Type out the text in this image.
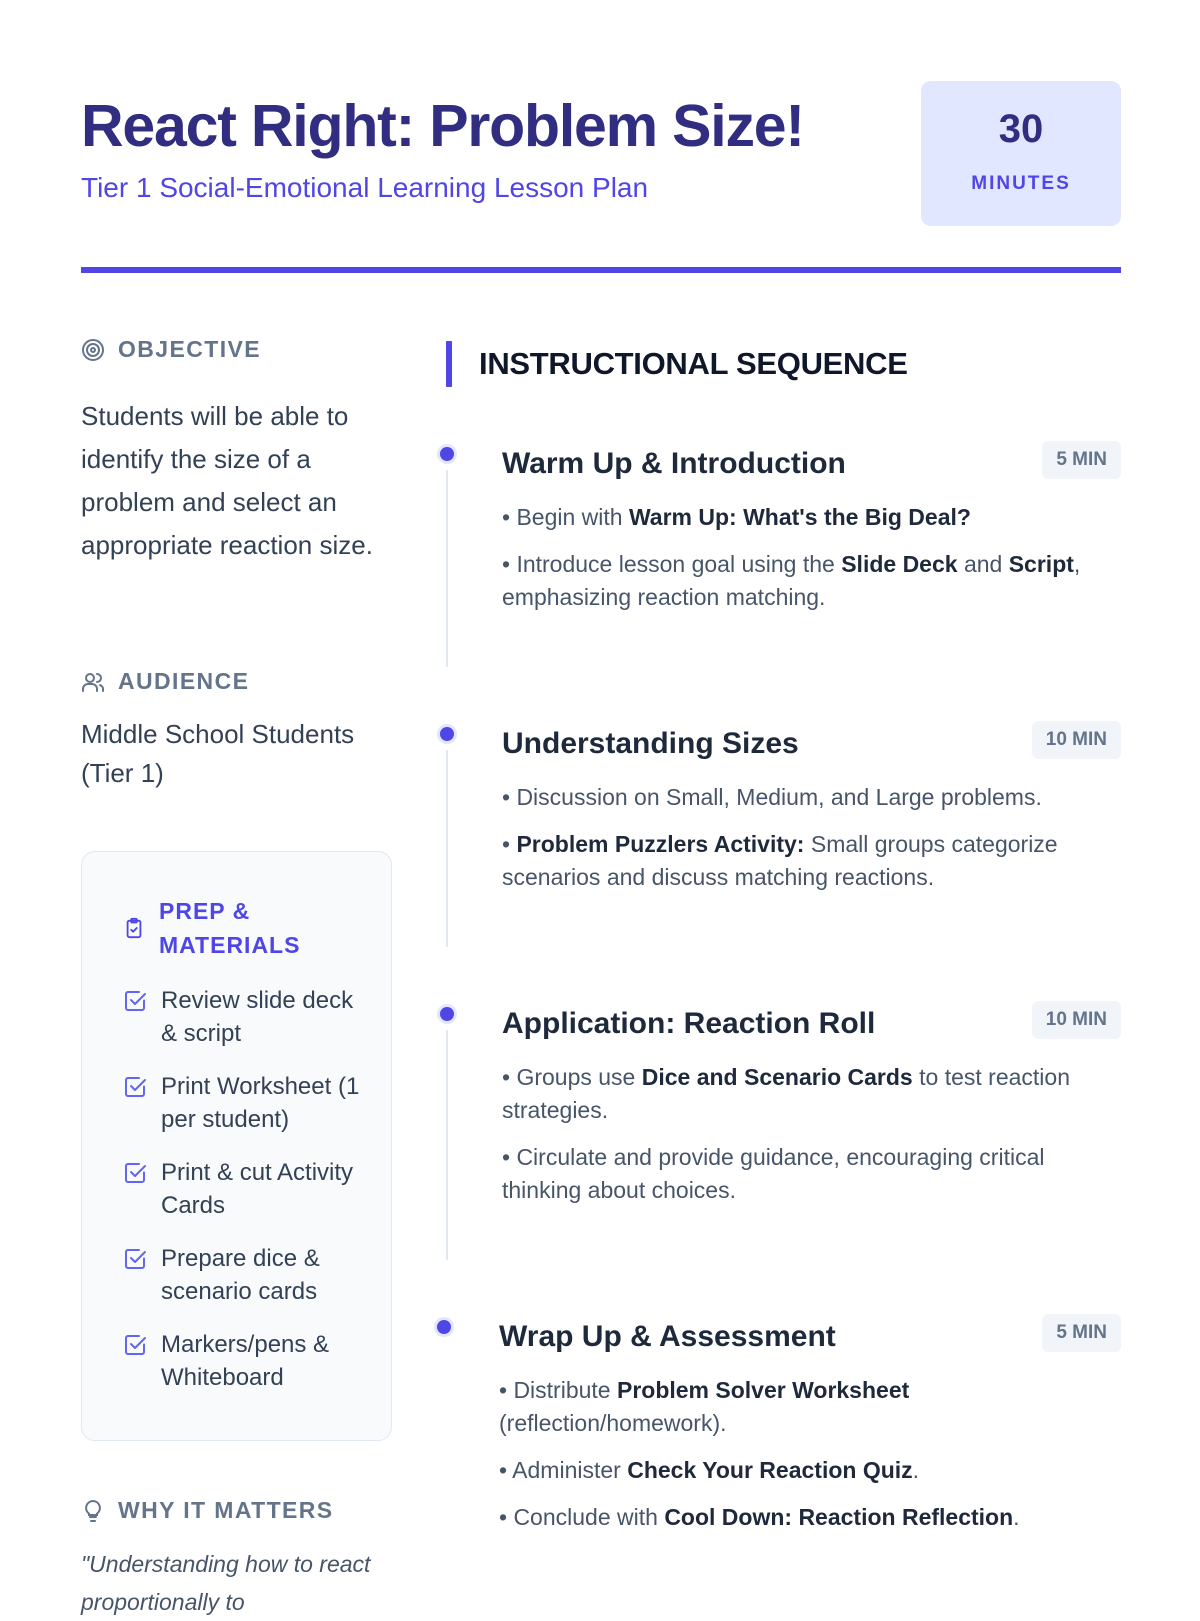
React Right: Problem Size!
Tier 1 Social-Emotional Learning Lesson Plan
30
MINUTES
OBJECTIVE
Students will be able to identify the size of a problem and select an appropriate reaction size.
AUDIENCE
Middle School Students (Tier 1)
PREP & MATERIALS
Review slide deck & script
Print Worksheet (1 per student)
Print & cut Activity Cards
Prepare dice & scenario cards
Markers/pens & Whiteboard
WHY IT MATTERS
"Understanding how to react proportionally to
INSTRUCTIONAL SEQUENCE
Warm Up & Introduction	5 MIN
• Begin with Warm Up: What's the Big Deal?
• Introduce lesson goal using the Slide Deck and Script, emphasizing reaction matching.
Understanding Sizes	10 MIN
• Discussion on Small, Medium, and Large problems.
• Problem Puzzlers Activity: Small groups categorize scenarios and discuss matching reactions.
Application: Reaction Roll	10 MIN
• Groups use Dice and Scenario Cards to test reaction strategies.
• Circulate and provide guidance, encouraging critical thinking about choices.
Wrap Up & Assessment	5 MIN
• Distribute Problem Solver Worksheet (reflection/homework).
• Administer Check Your Reaction Quiz.
• Conclude with Cool Down: Reaction Reflection.
